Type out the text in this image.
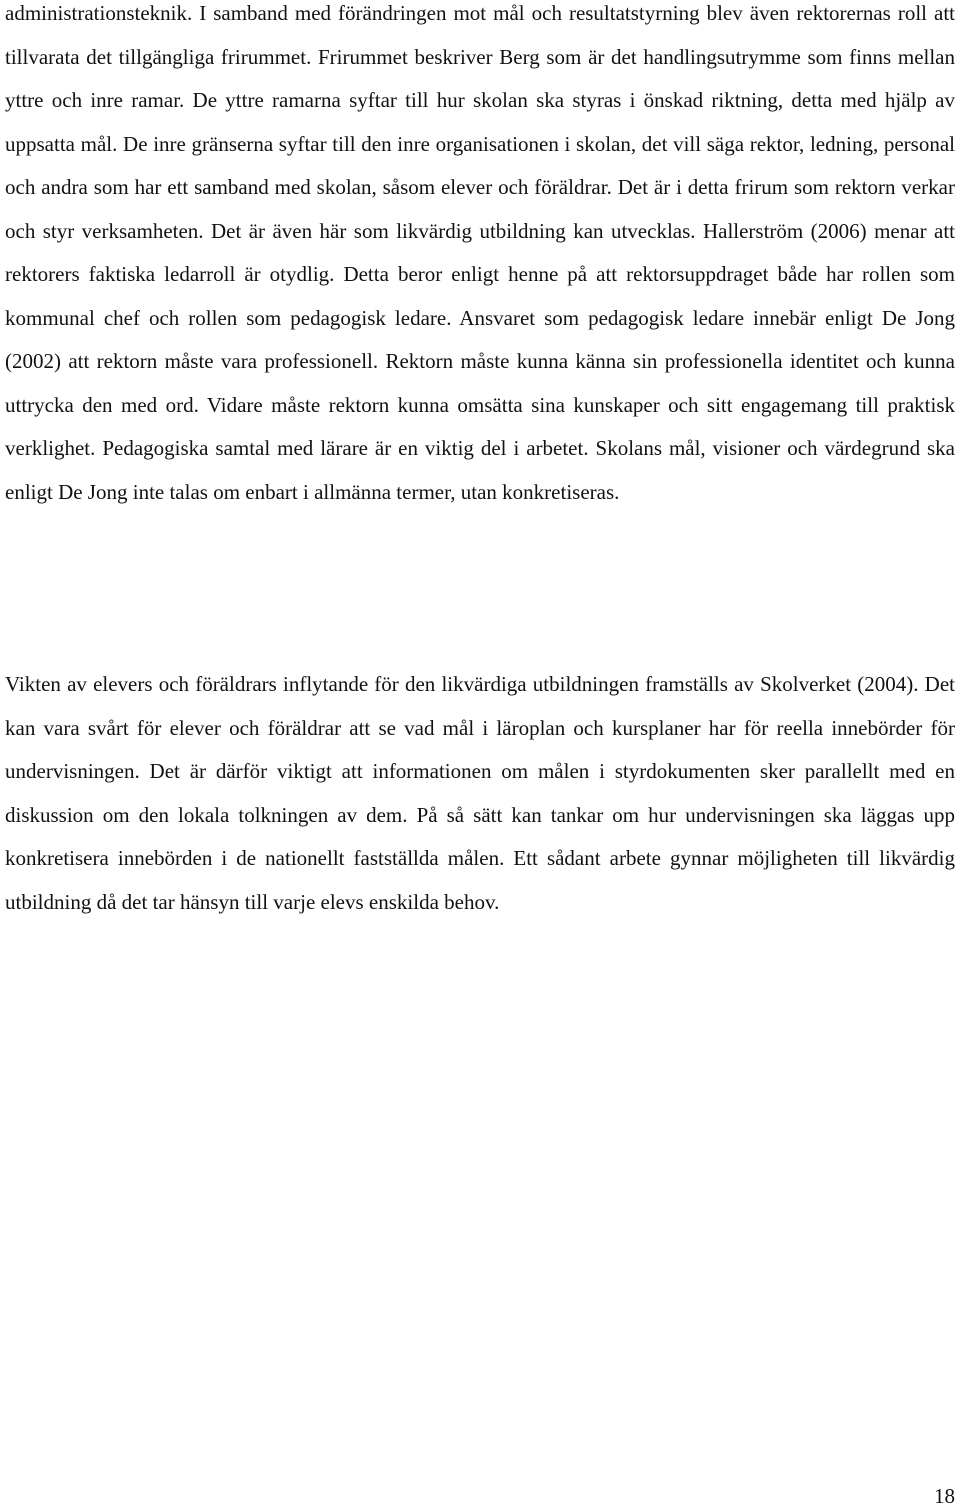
administrationsteknik. I samband med förändringen mot mål och resultatstyrning blev även rektorernas roll att tillvarata det tillgängliga frirummet. Frirummet beskriver Berg som är det handlingsutrymme som finns mellan yttre och inre ramar. De yttre ramarna syftar till hur skolan ska styras i önskad riktning, detta med hjälp av uppsatta mål. De inre gränserna syftar till den inre organisationen i skolan, det vill säga rektor, ledning, personal och andra som har ett samband med skolan, såsom elever och föräldrar. Det är i detta frirum som rektorn verkar och styr verksamheten. Det är även här som likvärdig utbildning kan utvecklas. Hallerström (2006) menar att rektorers faktiska ledarroll är otydlig. Detta beror enligt henne på att rektorsuppdraget både har rollen som kommunal chef och rollen som pedagogisk ledare. Ansvaret som pedagogisk ledare innebär enligt De Jong (2002) att rektorn måste vara professionell. Rektorn måste kunna känna sin professionella identitet och kunna uttrycka den med ord. Vidare måste rektorn kunna omsätta sina kunskaper och sitt engagemang till praktisk verklighet. Pedagogiska samtal med lärare är en viktig del i arbetet. Skolans mål, visioner och värdegrund ska enligt De Jong inte talas om enbart i allmänna termer, utan konkretiseras.

Vikten av elevers och föräldrars inflytande för den likvärdiga utbildningen framställs av Skolverket (2004). Det kan vara svårt för elever och föräldrar att se vad mål i läroplan och kursplaner har för reella innebörder för undervisningen. Det är därför viktigt att informationen om målen i styrdokumenten sker parallellt med en diskussion om den lokala tolkningen av dem. På så sätt kan tankar om hur undervisningen ska läggas upp konkretisera innebörden i de nationellt fastställda målen. Ett sådant arbete gynnar möjligheten till likvärdig utbildning då det tar hänsyn till varje elevs enskilda behov.

18
